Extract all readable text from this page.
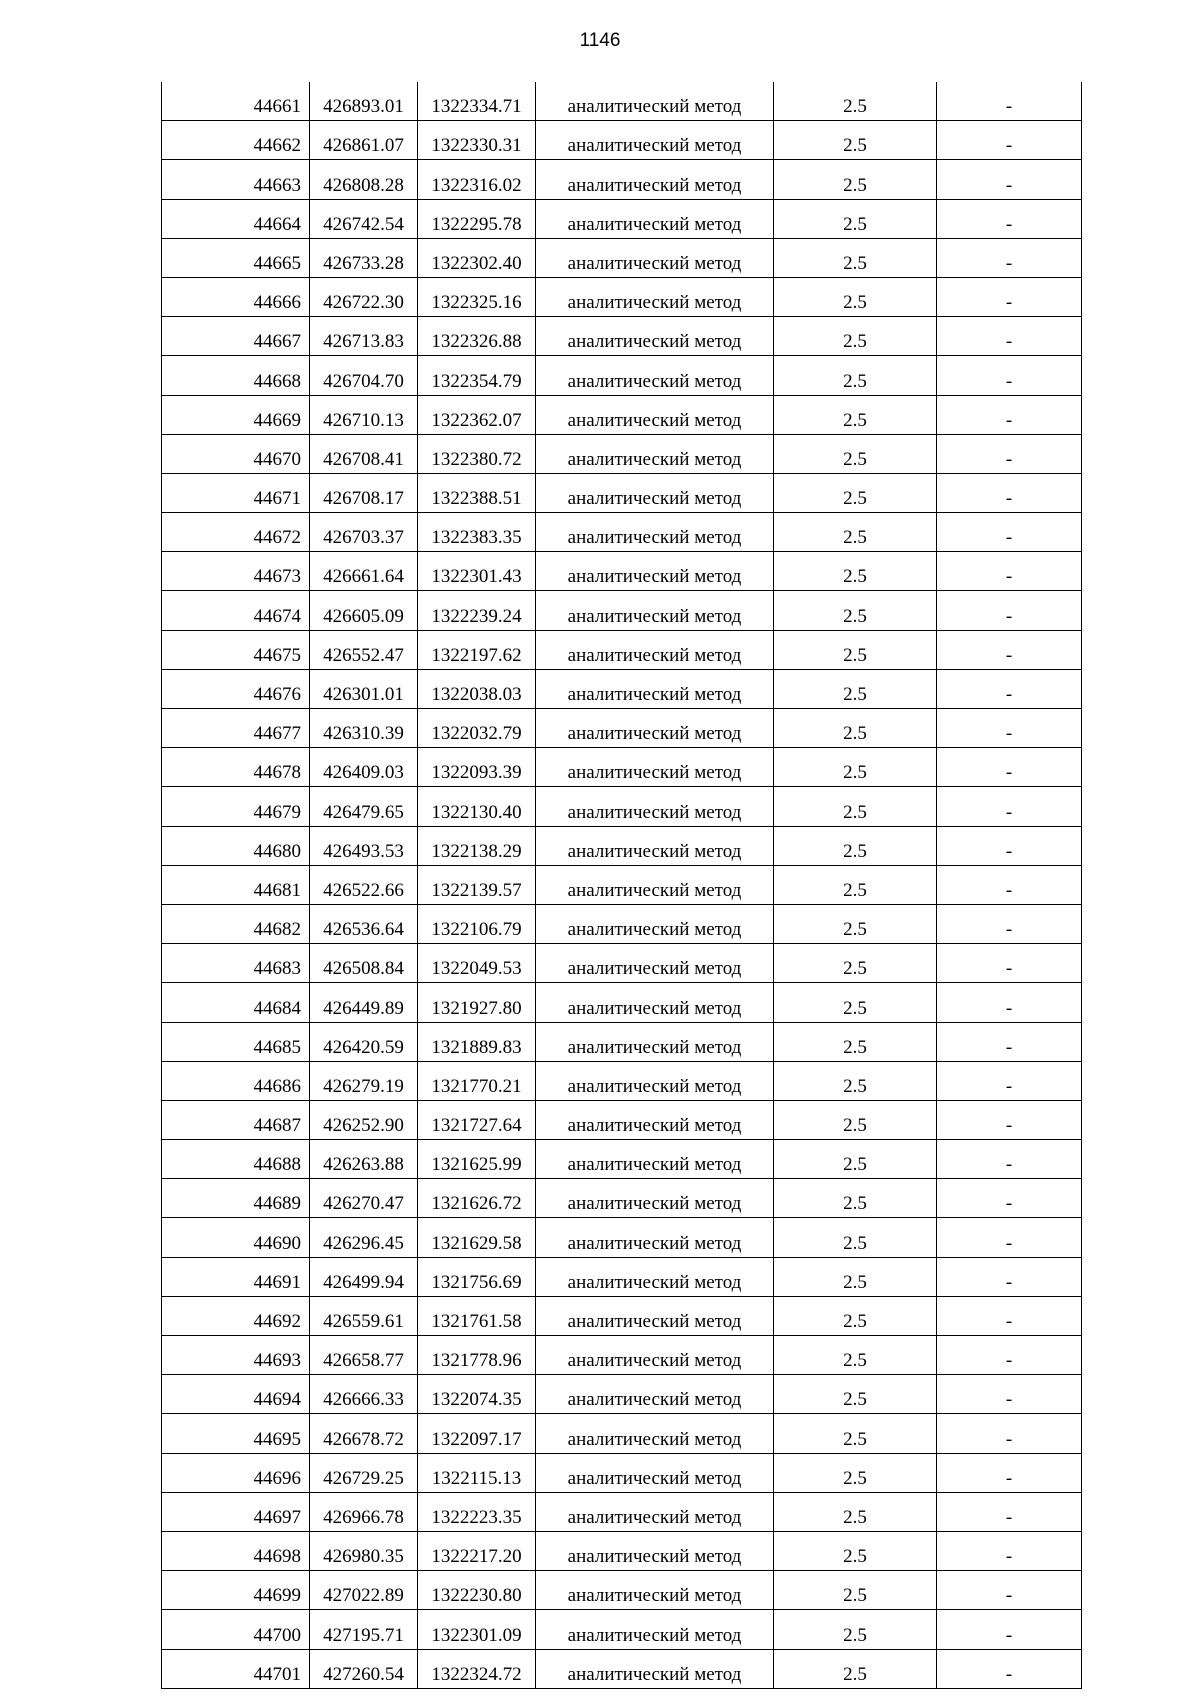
1146
44661	426893.01	1322334.71	аналитический метод	2.5	-
44662	426861.07	1322330.31	аналитический метод	2.5	-
44663	426808.28	1322316.02	аналитический метод	2.5	-
44664	426742.54	1322295.78	аналитический метод	2.5	-
44665	426733.28	1322302.40	аналитический метод	2.5	-
44666	426722.30	1322325.16	аналитический метод	2.5	-
44667	426713.83	1322326.88	аналитический метод	2.5	-
44668	426704.70	1322354.79	аналитический метод	2.5	-
44669	426710.13	1322362.07	аналитический метод	2.5	-
44670	426708.41	1322380.72	аналитический метод	2.5	-
44671	426708.17	1322388.51	аналитический метод	2.5	-
44672	426703.37	1322383.35	аналитический метод	2.5	-
44673	426661.64	1322301.43	аналитический метод	2.5	-
44674	426605.09	1322239.24	аналитический метод	2.5	-
44675	426552.47	1322197.62	аналитический метод	2.5	-
44676	426301.01	1322038.03	аналитический метод	2.5	-
44677	426310.39	1322032.79	аналитический метод	2.5	-
44678	426409.03	1322093.39	аналитический метод	2.5	-
44679	426479.65	1322130.40	аналитический метод	2.5	-
44680	426493.53	1322138.29	аналитический метод	2.5	-
44681	426522.66	1322139.57	аналитический метод	2.5	-
44682	426536.64	1322106.79	аналитический метод	2.5	-
44683	426508.84	1322049.53	аналитический метод	2.5	-
44684	426449.89	1321927.80	аналитический метод	2.5	-
44685	426420.59	1321889.83	аналитический метод	2.5	-
44686	426279.19	1321770.21	аналитический метод	2.5	-
44687	426252.90	1321727.64	аналитический метод	2.5	-
44688	426263.88	1321625.99	аналитический метод	2.5	-
44689	426270.47	1321626.72	аналитический метод	2.5	-
44690	426296.45	1321629.58	аналитический метод	2.5	-
44691	426499.94	1321756.69	аналитический метод	2.5	-
44692	426559.61	1321761.58	аналитический метод	2.5	-
44693	426658.77	1321778.96	аналитический метод	2.5	-
44694	426666.33	1322074.35	аналитический метод	2.5	-
44695	426678.72	1322097.17	аналитический метод	2.5	-
44696	426729.25	1322115.13	аналитический метод	2.5	-
44697	426966.78	1322223.35	аналитический метод	2.5	-
44698	426980.35	1322217.20	аналитический метод	2.5	-
44699	427022.89	1322230.80	аналитический метод	2.5	-
44700	427195.71	1322301.09	аналитический метод	2.5	-
44701	427260.54	1322324.72	аналитический метод	2.5	-
